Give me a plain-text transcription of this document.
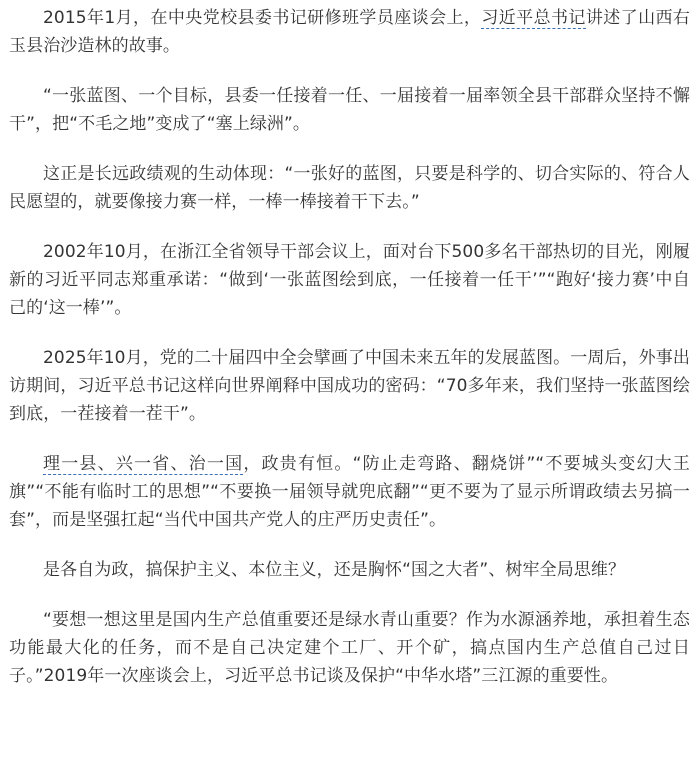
2015年1月，在中央党校县委书记研修班学员座谈会上，习近平总书记讲述了山西右玉县治沙造林的故事。

“一张蓝图、一个目标，县委一任接着一任、一届接着一届率领全县干部群众坚持不懈干”，把“不毛之地”变成了“塞上绿洲”。

这正是长远政绩观的生动体现：“一张好的蓝图，只要是科学的、切合实际的、符合人民愿望的，就要像接力赛一样，一棒一棒接着干下去。”

2002年10月，在浙江全省领导干部会议上，面对台下500多名干部热切的目光，刚履新的习近平同志郑重承诺：“做到‘一张蓝图绘到底，一任接着一任干’”“跑好‘接力赛’中自己的‘这一棒’”。

2025年10月，党的二十届四中全会擘画了中国未来五年的发展蓝图。一周后，外事出访期间，习近平总书记这样向世界阐释中国成功的密码：“70多年来，我们坚持一张蓝图绘到底，一茬接着一茬干”。

理一县、兴一省、治一国，政贵有恒。“防止走弯路、翻烧饼”“不要城头变幻大王旗”“不能有临时工的思想”“不要换一届领导就兜底翻”“更不要为了显示所谓政绩去另搞一套”，而是坚强扛起“当代中国共产党人的庄严历史责任”。

是各自为政，搞保护主义、本位主义，还是胸怀“国之大者”、树牢全局思维？

“要想一想这里是国内生产总值重要还是绿水青山重要？作为水源涵养地，承担着生态功能最大化的任务，而不是自己决定建个工厂、开个矿，搞点国内生产总值自己过日子。”2019年一次座谈会上，习近平总书记谈及保护“中华水塔”三江源的重要性。
